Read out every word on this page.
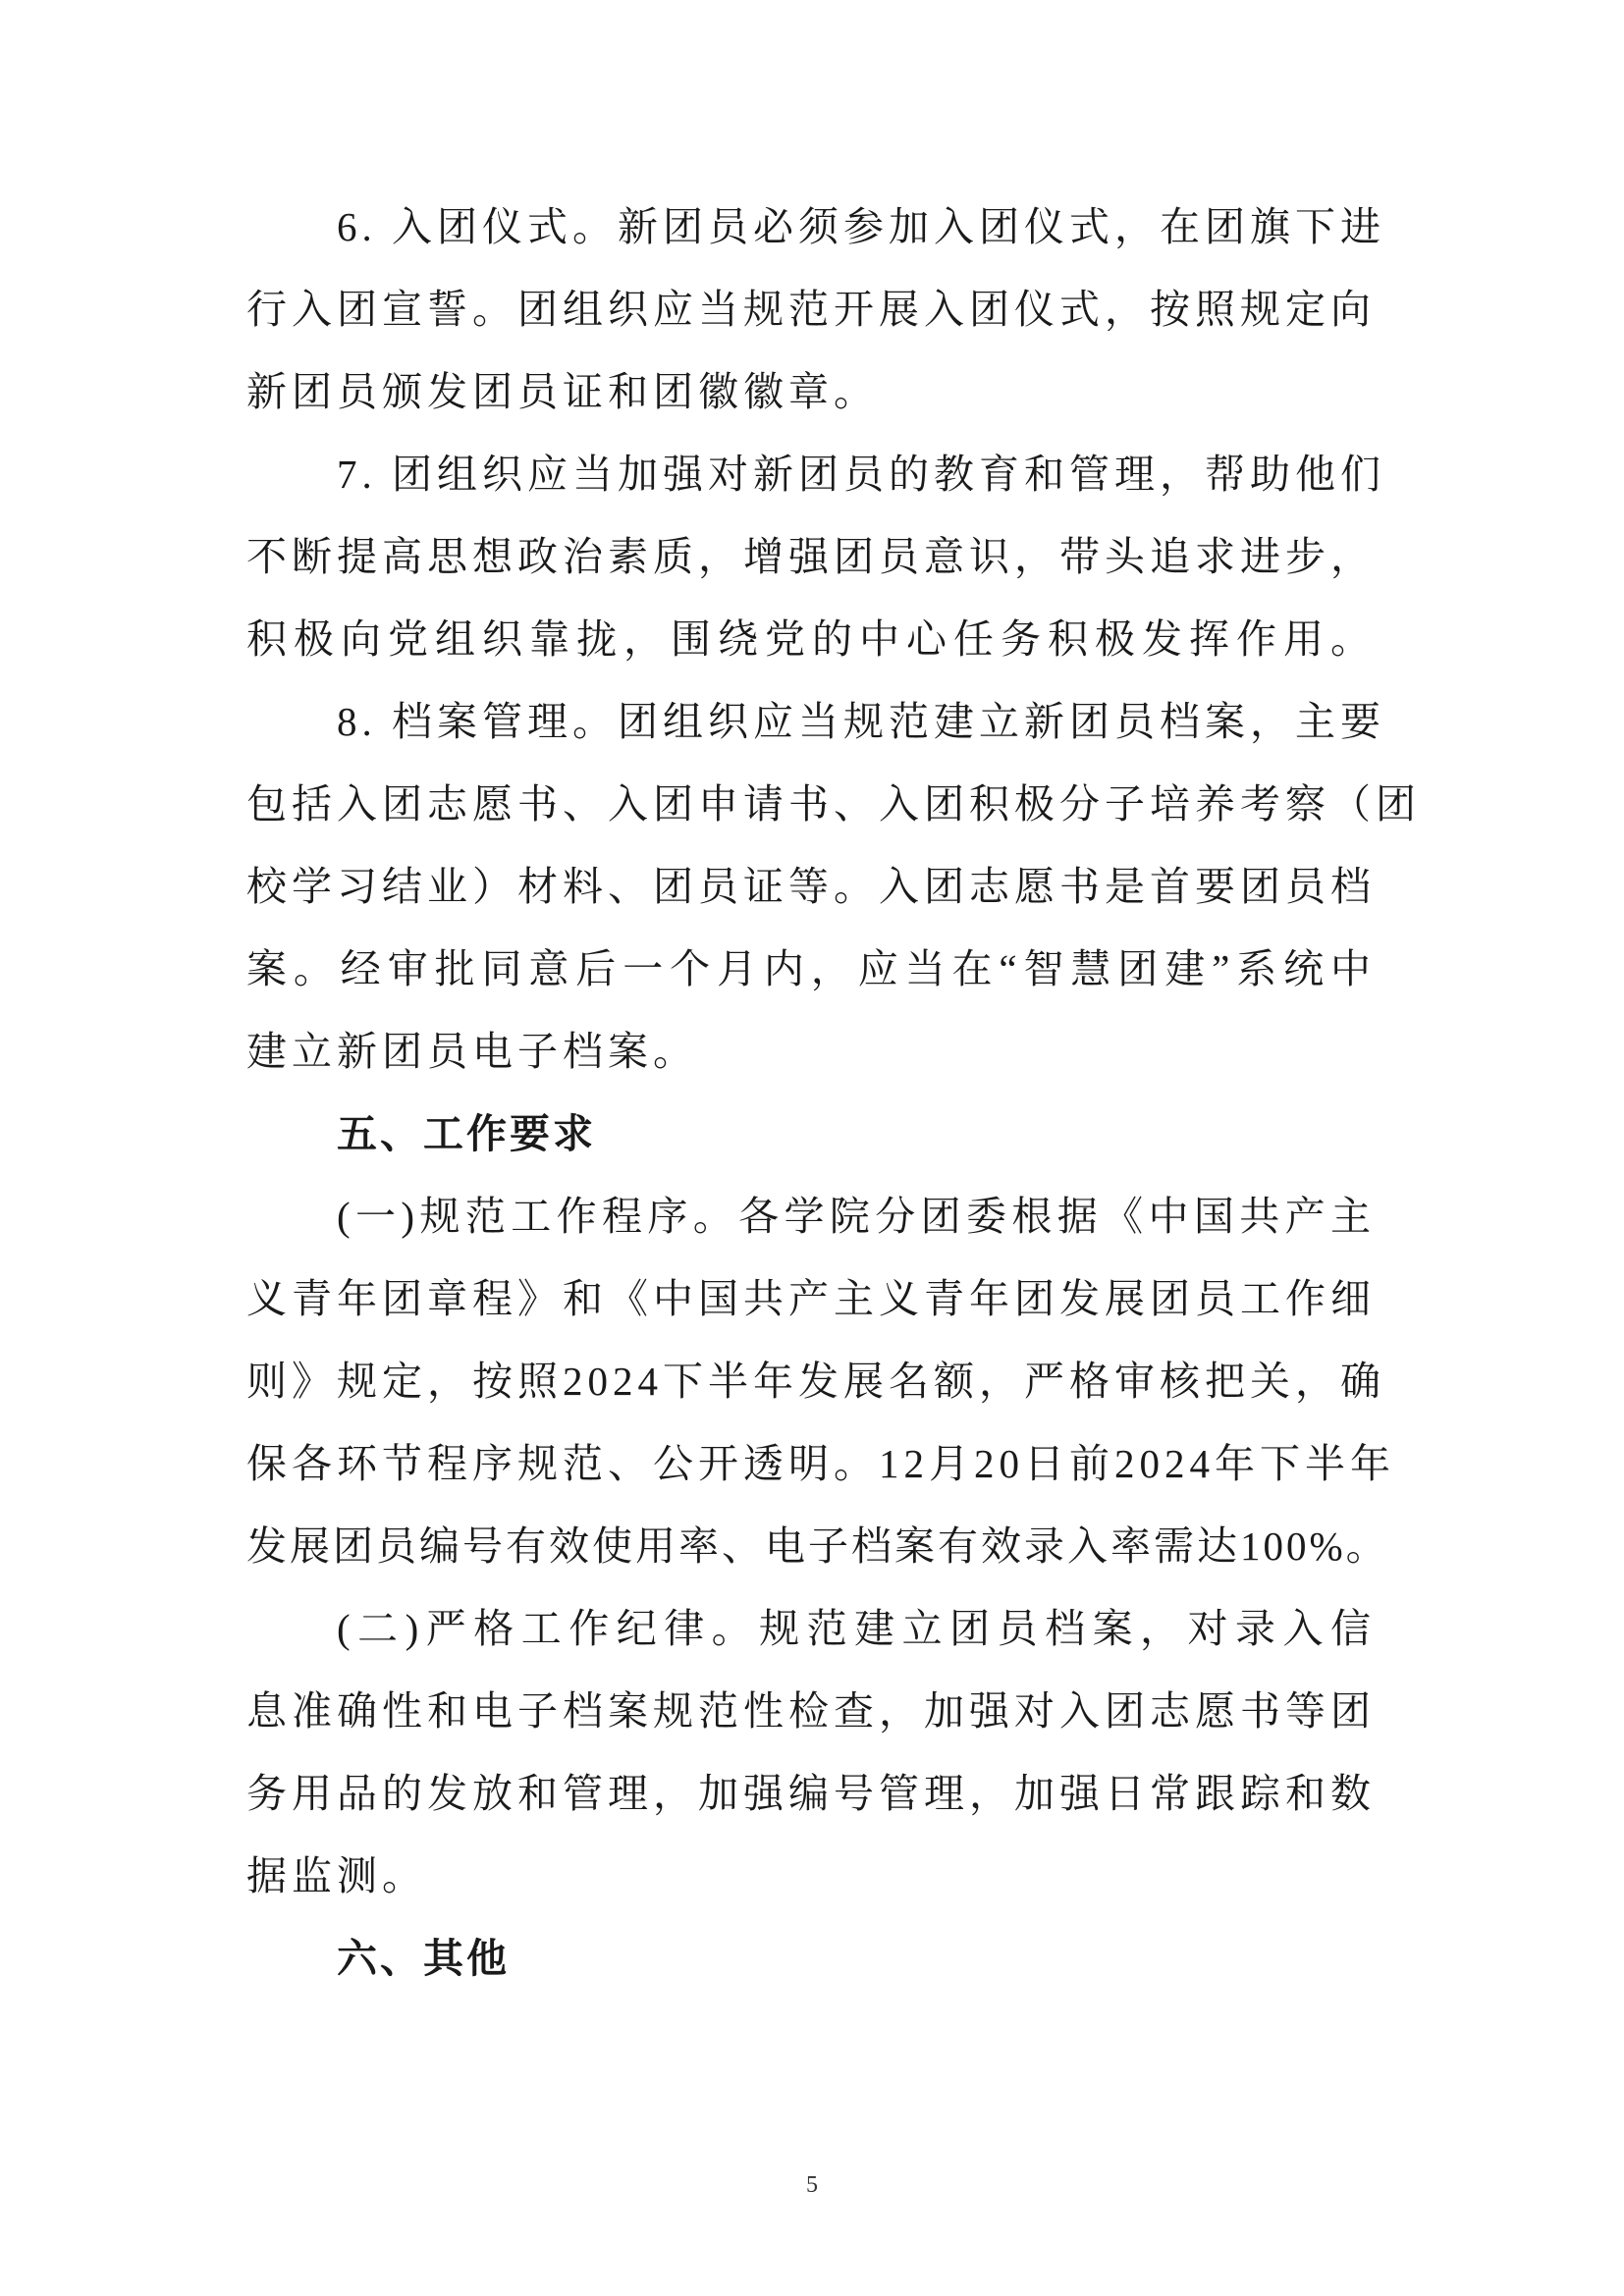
6. 入团仪式。新团员必须参加入团仪式，在团旗下进
行入团宣誓。团组织应当规范开展入团仪式，按照规定向
新团员颁发团员证和团徽徽章。
7. 团组织应当加强对新团员的教育和管理，帮助他们
不断提高思想政治素质，增强团员意识，带头追求进步，
积极向党组织靠拢，围绕党的中心任务积极发挥作用。
8. 档案管理。团组织应当规范建立新团员档案，主要
包括入团志愿书、入团申请书、入团积极分子培养考察（团
校学习结业）材料、团员证等。入团志愿书是首要团员档
案。经审批同意后一个月内，应当在“智慧团建”系统中
建立新团员电子档案。
五、工作要求
(一)规范工作程序。各学院分团委根据《中国共产主
义青年团章程》和《中国共产主义青年团发展团员工作细
则》规定，按照2024下半年发展名额，严格审核把关，确
保各环节程序规范、公开透明。12月20日前2024年下半年
发展团员编号有效使用率、电子档案有效录入率需达100%。
(二)严格工作纪律。规范建立团员档案，对录入信
息准确性和电子档案规范性检查，加强对入团志愿书等团
务用品的发放和管理，加强编号管理，加强日常跟踪和数
据监测。
六、其他
5
